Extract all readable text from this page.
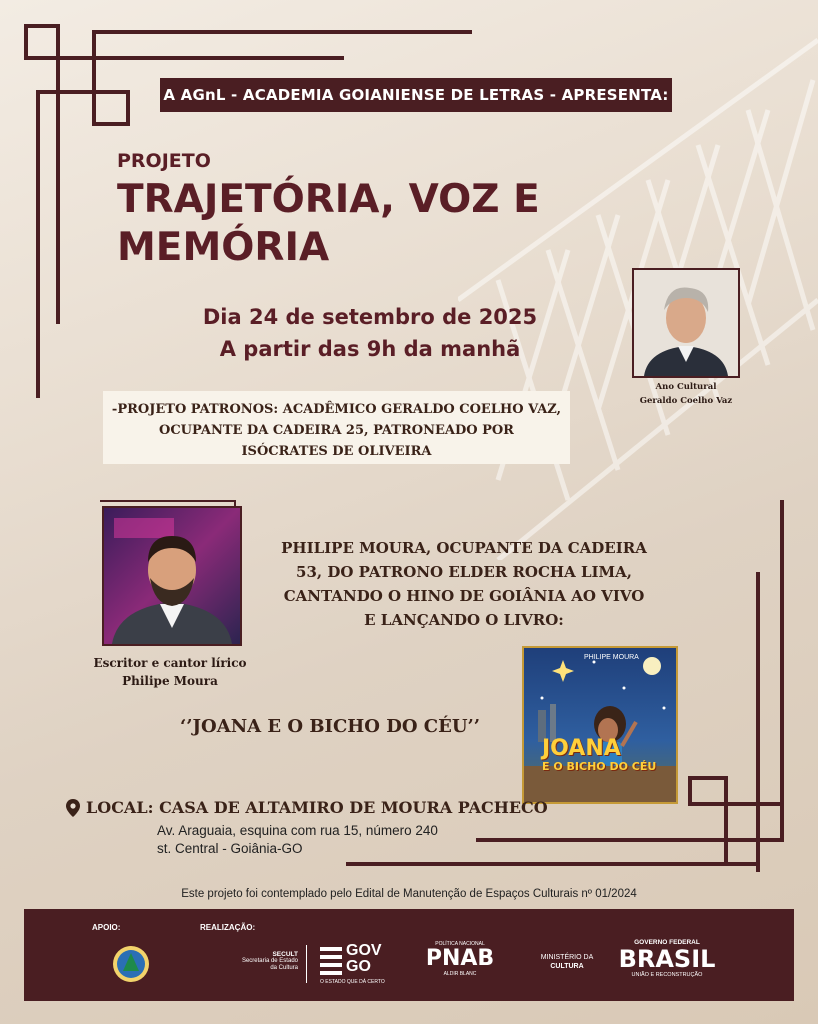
A AGnL - ACADEMIA GOIANIENSE DE LETRAS - APRESENTA:
PROJETO
TRAJETÓRIA, VOZ E
MEMÓRIA
Dia 24 de setembro de 2025
A partir das 9h da manhã
Ano Cultural
Geraldo Coelho Vaz
-PROJETO PATRONOS: ACADÊMICO GERALDO COELHO VAZ,
OCUPANTE DA CADEIRA 25, PATRONEADO POR
ISÓCRATES DE OLIVEIRA
Escritor e cantor lírico
Philipe Moura
PHILIPE MOURA, OCUPANTE DA CADEIRA
53, DO PATRONO ELDER ROCHA LIMA,
CANTANDO O HINO DE GOIÂNIA AO VIVO
E LANÇANDO O LIVRO:
‘’JOANA E O BICHO DO CÉU’’
PHILIPE MOURA
JOANA
E O BICHO DO CÉU
LOCAL: CASA DE ALTAMIRO DE MOURA PACHECO
Av. Araguaia, esquina com rua 15, número 240
st. Central - Goiânia-GO
Este projeto foi contemplado pelo Edital de Manutenção de Espaços Culturais nº 01/2024
APOIO:	REALIZAÇÃO:
SECULT
Secretaria de Estado
da Cultura
GOV
GO
O ESTADO QUE DÁ CERTO
POLÍTICA NACIONAL
PNAB
ALDIR BLANC
MINISTÉRIO DA
CULTURA
GOVERNO FEDERAL
BRASIL
UNIÃO E RECONSTRUÇÃO
